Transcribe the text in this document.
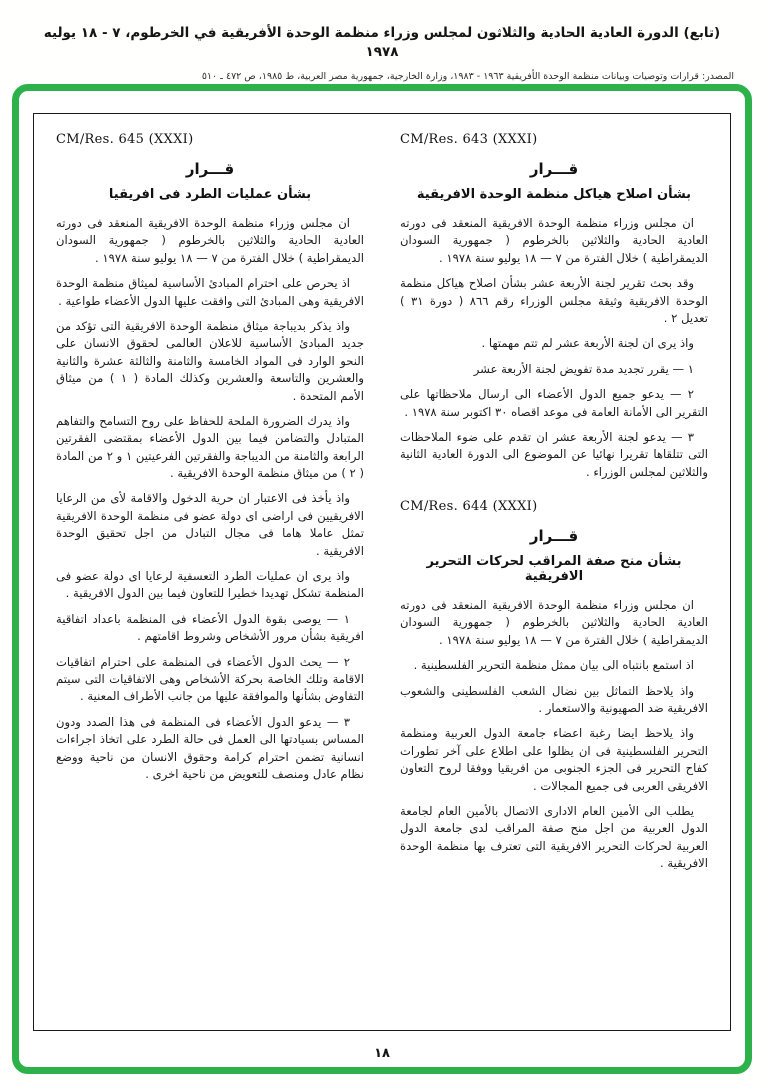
(تابع) الدورة العادية الحادية والثلاثون لمجلس وزراء منظمة الوحدة الأفريقية في الخرطوم، ٧ - ١٨ يوليه ١٩٧٨
المصدر: قرارات وتوصيات وبيانات منظمة الوحدة الأفريقية ١٩٦٣ - ١٩٨٣، وزارة الخارجية، جمهورية مصر العربية، ط ١٩٨٥، ص ٤٧٢ ـ ٥١٠
CM/Res. 643 (XXXI)
قـــرار
بشأن اصلاح هياكل منظمة الوحدة الافريقية

ان مجلس وزراء منظمة الوحدة الافريقية المنعقد فى دورته العادية الحادية والثلاثين بالخرطوم ( جمهورية السودان الديمقراطية ) خلال الفترة من ٧ — ١٨ يوليو سنة ١٩٧٨ .

وقد بحث تقرير لجنة الأربعة عشر بشأن اصلاح هياكل منظمة الوحدة الافريقية وثيقة مجلس الوزراء رقم ٨٦٦ ( دورة ٣١ ) تعديل ٢ .

واذ يرى ان لجنة الأربعة عشر لم تتم مهمتها .

١ — يقرر تجديد مدة تفويض لجنة الأربعة عشر

٢ — يدعو جميع الدول الأعضاء الى ارسال ملاحظاتها على التقرير الى الأمانة العامة فى موعد اقصاه ٣٠ اكتوبر سنة ١٩٧٨ .

٣ — يدعو لجنة الأربعة عشر ان تقدم على ضوء الملاحظات التى تتلقاها تقريرا نهائيا عن الموضوع الى الدورة العادية الثانية والثلاثين لمجلس الوزراء .

CM/Res. 644 (XXXI)
قـــرار
بشأن منح صفة المراقب لحركات التحرير الافريقية

ان مجلس وزراء منظمة الوحدة الافريقية المنعقد فى دورته العادية الحادية والثلاثين بالخرطوم ( جمهورية السودان الديمقراطية ) خلال الفترة من ٧ — ١٨ يوليو سنة ١٩٧٨ .

اذ استمع بانتباه الى بيان ممثل منظمة التحرير الفلسطينية .

واذ يلاحظ التماثل بين نضال الشعب الفلسطينى والشعوب الافريقية ضد الصهيونية والاستعمار .

واذ يلاحظ ايضا رغبة اعضاء جامعة الدول العربية ومنظمة التحرير الفلسطينية فى ان يظلوا على اطلاع على آخر تطورات كفاح التحرير فى الجزء الجنوبى من افريقيا ووفقا لروح التعاون الافريقى العربى فى جميع المجالات .

يطلب الى الأمين العام الادارى الاتصال بالأمين العام لجامعة الدول العربية من اجل منح صفة المراقب لدى جامعة الدول العربية لحركات التحرير الافريقية التى تعترف بها منظمة الوحدة الافريقية .

CM/Res. 645 (XXXI)
قـــرار
بشأن عمليات الطرد فى افريقيا

ان مجلس وزراء منظمة الوحدة الافريقية المنعقد فى دورته العادية الحادية والثلاثين بالخرطوم ( جمهورية السودان الديمقراطية ) خلال الفترة من ٧ — ١٨ يوليو سنة ١٩٧٨ .

اذ يحرص على احترام المبادئ الأساسية لميثاق منظمة الوحدة الافريقية وهى المبادئ التى وافقت عليها الدول الأعضاء طواعية .

واذ يذكر بديباجة ميثاق منظمة الوحدة الافريقية التى تؤكد من جديد المبادئ الأساسية للاعلان العالمى لحقوق الانسان على النحو الوارد فى المواد الخامسة والثامنة والثالثة عشرة والثانية والعشرين والتاسعة والعشرين وكذلك المادة ( ١ ) من ميثاق الأمم المتحدة .

واذ يدرك الضرورة الملحة للحفاظ على روح التسامح والتفاهم المتبادل والتضامن فيما بين الدول الأعضاء بمقتضى الفقرتين الرابعة والثامنة من الديباجة والفقرتين الفرعيتين ١ و ٢ من المادة ( ٢ ) من ميثاق منظمة الوحدة الافريقية .

واذ يأخذ فى الاعتبار ان حرية الدخول والاقامة لأى من الرعايا الافريقيين فى اراضى اى دولة عضو فى منظمة الوحدة الافريقية تمثل عاملا هاما فى مجال التبادل من اجل تحقيق الوحدة الافريقية .

واذ يرى ان عمليات الطرد التعسفية لرعايا اى دولة عضو فى المنظمة تشكل تهديدا خطيرا للتعاون فيما بين الدول الافريقية .

١ — يوصى بقوة الدول الأعضاء فى المنظمة باعداد اتفاقية افريقية بشأن مرور الأشخاص وشروط اقامتهم .

٢ — يحث الدول الأعضاء فى المنظمة على احترام اتفاقيات الاقامة وتلك الخاصة بحركة الأشخاص وهى الاتفاقيات التى سيتم التفاوض بشأنها والموافقة عليها من جانب الأطراف المعنية .

٣ — يدعو الدول الأعضاء فى المنظمة فى هذا الصدد ودون المساس بسيادتها الى العمل فى حالة الطرد على اتخاذ اجراءات انسانية تضمن احترام كرامة وحقوق الانسان من ناحية ووضع نظام عادل ومنصف للتعويض من ناحية اخرى .

١٨
